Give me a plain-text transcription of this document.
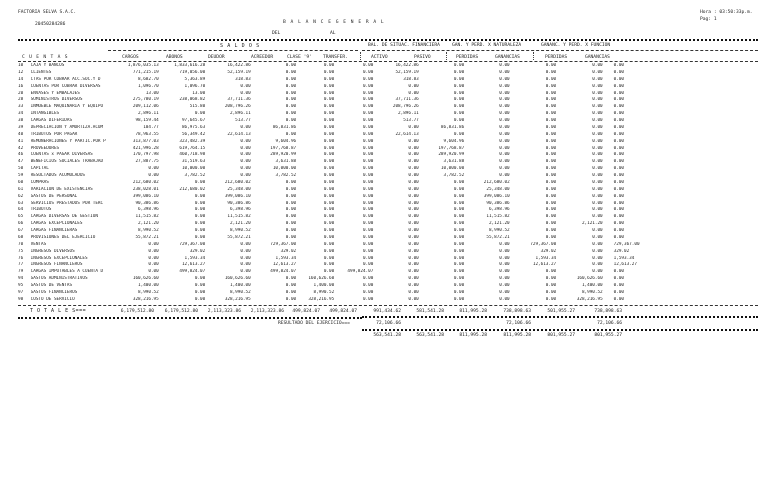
FACTORIA SELVA S.A.C.
20450284286
Hora : 03:50:33p.m.
Pag: 1
B A L A N C E G E N E R A L
DEL	AL
S A L D O S	BAL. DE SITUAC. FINANCIERA	GAN. Y PERD. X NATURALEZA	GANANC. Y PERD. X FUNCION
C U E N T A S	CARGOS	ABONOS	DEUDOR	ACREEDOR	CLASE '9' TRANSFER.	ACTIVO	PASIVO	PERDIDAS	GANANCIAS	PERDIDAS	GANANCIAS
10	CAJA Y BANCOS	1,876,035.13	1,833,616.28	16,422.86	0.00	0.00	0.00	16,422.86	0.00	0.00	0.00	0.00	0.00
12	CLIENTES	771,215.19	719,056.00	52,159.19	0.00	0.00	0.00	52,159.19	0.00	0.00	0.00	0.00	0.00
14	CTAS POR COBRAR ACC.SOC.Y D	8,682.70	5,363.89	318.83	0.00	0.00	0.00	318.83	0.00	0.00	0.00	0.00	0.00
16	CUENTAS POR COBRAR DIVERSAS	1,096.70	1,096.70	0.00	0.00	0.00	0.00	0.00	0.00	0.00	0.00	0.00	0.00
20	ENVASES Y EMBALAJES	13.00	13.00	0.00	0.00	0.00	0.00	0.00	0.00	0.00	0.00	0.00	0.00
28	SUMINISTROS DIVERSOS	275,780.19	238,068.82	37,711.36	0.00	0.00	0.00	37,711.36	0.00	0.00	0.00	0.00	0.00
33	INMUEBLE MAQUINARIA Y EQUIPO	209,112.06	515.80	208,796.26	0.00	0.00	0.00	208,796.26	0.00	0.00	0.00	0.00	0.00
34	INTANGIBLES	2,896.11	0.00	2,896.11	0.00	0.00	0.00	2,896.11	0.00	0.00	0.00	0.00	0.00
38	CARGAS DIFERIDAS	98,159.44	97,645.67	513.77	0.00	0.00	0.00	513.77	0.00	0.00	0.00	0.00	0.00
39	DEPRECIACION Y AMORTIZA.ACUM	104.77	86,975.63	0.00	86,831.86	0.00	0.00	0.00	86,831.86	0.00	0.00	0.00	0.00
40	TRIBUTOS POR PAGAR	78,963.55	56,349.42	22,614.13	0.00	0.00	0.00	22,614.13	0.00	0.00	0.00	0.00	0.00
41	REMUNERACIONES Y PARTIC.POR P	313,877.03	323,482.39	0.00	9,604.96	0.00	0.00	0.00	9,604.96	0.00	0.00	0.00	0.00
42	PROVEEDORES	421,996.28	619,764.15	0.00	197,768.87	0.00	0.00	0.00	197,768.87	0.00	0.00	0.00	0.00
46	CUENTAS x PAGAR DIVERSAS	170,797.98	460,718.98	0.00	289,920.99	0.00	0.00	0.00	289,920.99	0.00	0.00	0.00	0.00
47	BENEFICIOS SOCIALES TRABAJAD	27,887.75	31,519.63	0.00	3,631.88	0.00	0.00	0.00	3,631.88	0.00	0.00	0.00	0.00
50	CAPITAL	0.00	10,000.00	0.00	10,000.00	0.00	0.00	0.00	10,000.00	0.00	0.00	0.00	0.00
59	RESULTADOS ACUMULADOS	0.00	3,782.52	0.00	3,782.52	0.00	0.00	0.00	3,782.52	0.00	0.00	0.00	0.00
60	COMPRAS	212,680.02	0.00	212,680.02	0.00	0.00	0.00	0.00	0.00	212,680.02	0.00	0.00	0.00
61	VARIACION DE EXISTENCIAS	238,028.01	212,680.02	25,348.00	0.00	0.00	0.00	0.00	0.00	25,348.00	0.00	0.00	0.00
62	GASTOS DE PERSONAL	399,086.10	0.00	399,086.10	0.00	0.00	0.00	0.00	0.00	399,086.10	0.00	0.00	0.00
63	SERVICIOS PRESTADOS POR TERC	90,386.86	0.00	90,386.86	0.00	0.00	0.00	0.00	0.00	90,386.86	0.00	0.00	0.00
64	TRIBUTOS	6,398.96	0.00	6,398.96	0.00	0.00	0.00	0.00	0.00	6,398.96	0.00	0.00	0.00
65	CARGAS DIVERSAS DE GESTION	11,515.82	0.00	11,515.82	0.00	0.00	0.00	0.00	0.00	11,515.82	0.00	0.00	0.00
66	CARGAS EXCEPCIONALES	2,121.20	0.00	2,121.20	0.00	0.00	0.00	0.00	0.00	2,121.20	0.00	2,121.20	0.00
67	CARGAS FINANCIERAS	8,990.52	0.00	8,990.52	0.00	0.00	0.00	0.00	0.00	8,990.52	0.00	0.00	0.00
68	PROVISIONES DEL EJERCICIO	55,872.21	0.00	55,872.21	0.00	0.00	0.00	0.00	0.00	55,872.21	0.00	0.00	0.00
70	VENTAS	0.00	729,367.00	0.00	729,367.00	0.00	0.00	0.00	0.00	0.00	729,367.00	0.00	729,367.00
75	INGRESOS DIVERSOS	0.00	329.02	0.00	329.02	0.00	0.00	0.00	0.00	0.00	329.02	0.00	329.02
76	INGRESOS EXCEPCIONALES	0.00	1,593.34	0.00	1,593.34	0.00	0.00	0.00	0.00	0.00	1,593.34	0.00	1,593.34
77	INGRESOS FINANCIEROS	0.00	12,613.27	0.00	12,613.27	0.00	0.00	0.00	0.00	0.00	12,613.27	0.00	12,613.27
79	CARGAS IMPUTABLES A CUENTA D	0.00	499,824.07	0.00	499,824.07	0.00	499,824.07	0.00	0.00	0.00	0.00	0.00	0.00
94	GASTOS ADMINISTRATIVOS	160,626.60	0.00	160,626.60	0.00	160,626.60	0.00	0.00	0.00	0.00	0.00	160,626.60	0.00
95	GASTOS DE VENTAS	1,400.00	0.00	1,400.00	0.00	1,400.00	0.00	0.00	0.00	0.00	0.00	1,400.00	0.00
97	GASTOS FINANCIEROS	8,990.52	0.00	8,990.52	0.00	8,990.52	0.00	0.00	0.00	0.00	0.00	8,990.52	0.00
98	COSTO DE SERVICIO	328,216.95	0.00	328,216.95	0.00	328,216.95	0.00	0.00	0.00	0.00	0.00	328,216.95	0.00
T O T A L E S===	6,179,512.80	6,179,512.80	2,113,323.86	2,113,323.86	499,824.07	499,824.07	991,434.62	581,541.28	811,995.28	738,898.63	501,955.27	738,898.63
RESULTADO DEL EJERCICIO===	72,106.66	72,106.66	72,106.66
563,541.28	563,541.28	811,995.28	811,995.28	801,955.27	801,955.27
